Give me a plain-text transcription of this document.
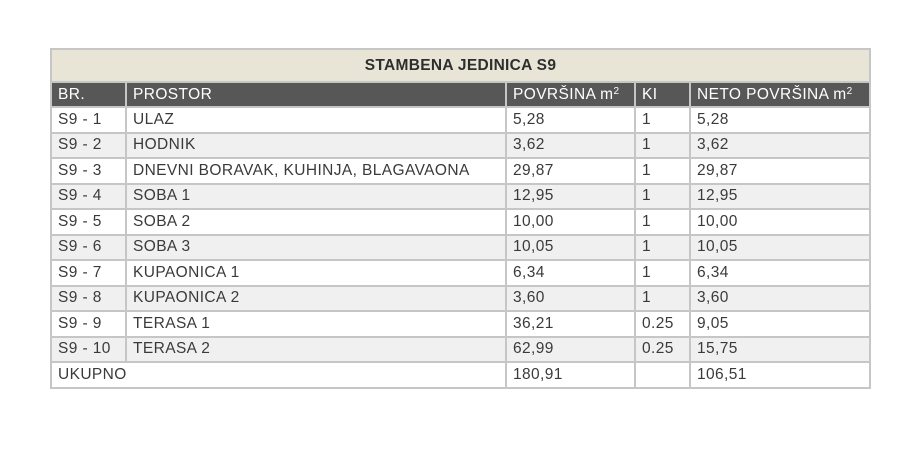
STAMBENA JEDINICA S9				
BR.	PROSTOR	POVRŠINA $m^2$	KI	NETO POVRŠINA $m^2$
S9 - 1	ULAZ	5,28	1	5,28
S9 - 2	HODNIK	3,62	1	3,62
S9 - 3	DNEVNI BORAVAK, KUHINJA, BLAGAVAONA	29,87	1	29,87
S9 - 4	SOBA 1	12,95	1	12,95
S9 - 5	SOBA 2	10,00	1	10,00
S9 - 6	SOBA 3	10,05	1	10,05
S9 - 7	KUPAONICA 1	6,34	1	6,34
S9 - 8	KUPAONICA 2	3,60	1	3,60
S9 - 9	TERASA 1	36,21	0.25	9,05
S9 - 10	TERASA 2	62,99	0.25	15,75
UKUPNO		180,91		106,51
